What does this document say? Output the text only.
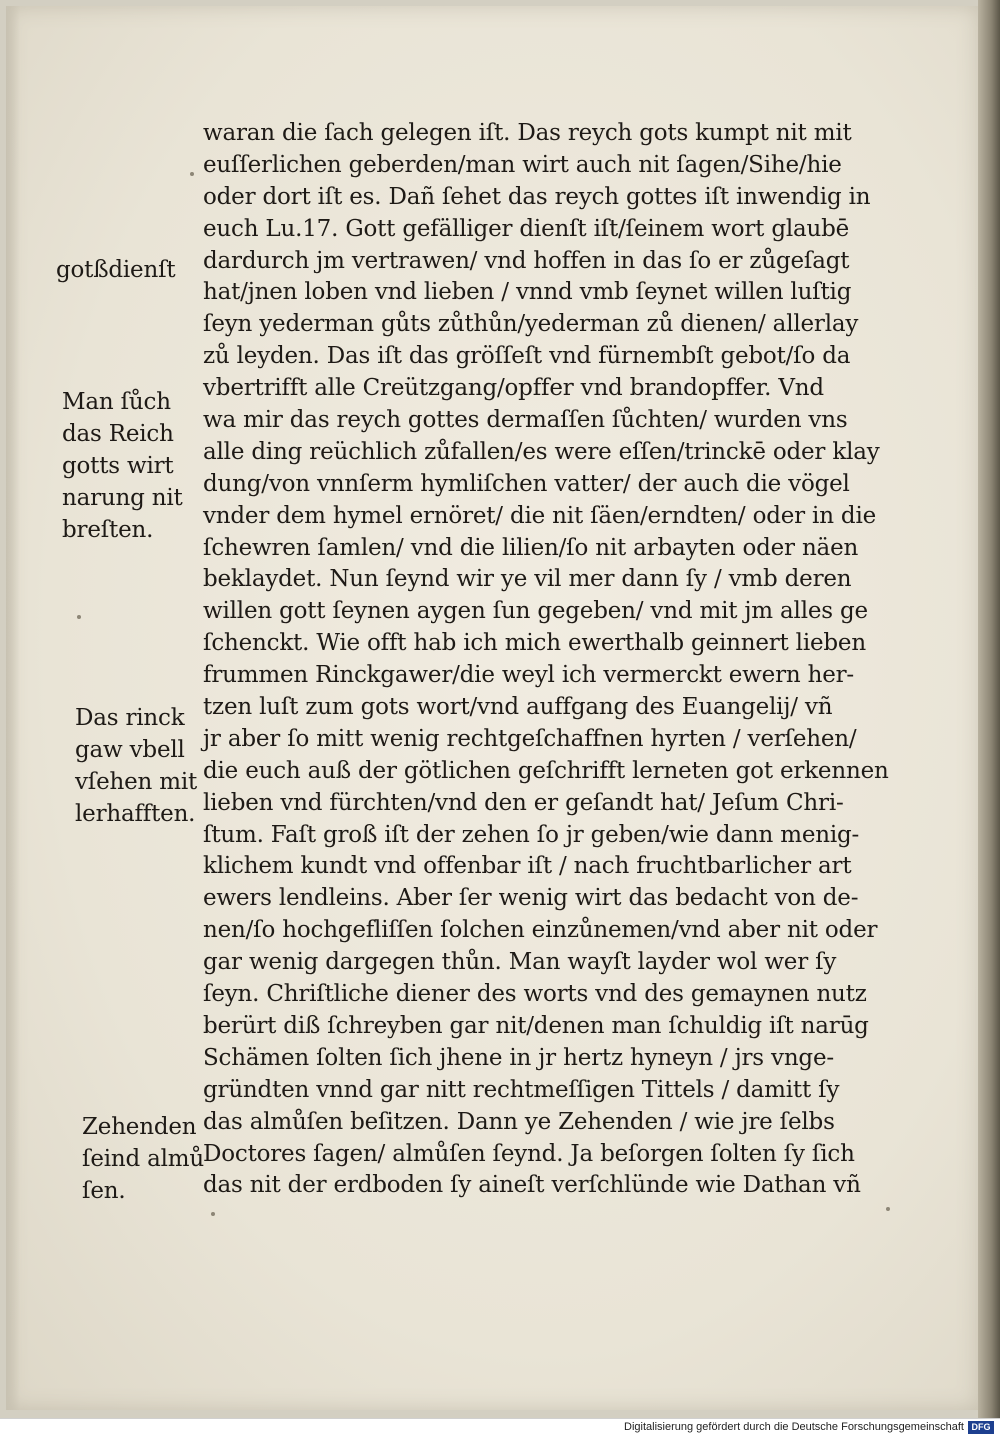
waran die ſach gelegen iſt. Das reych gots kumpt nit mit
euſſerlichen geberden/man wirt auch nit ſagen/Sihe/hie
oder dort iſt es. Dañ ſehet das reych gottes iſt inwendig in
euch Lu.17. Gott gefälliger dienſt iſt/ſeinem wort glaubē
dardurch jm vertrawen/ vnd hoffen in das ſo er zůgeſagt
hat/jnen loben vnd lieben / vnnd vmb ſeynet willen luſtig
ſeyn yederman gůts zůthůn/yederman zů dienen/ allerlay
zů leyden. Das iſt das gröſſeſt vnd fürnembſt gebot/ſo da
vbertrifft alle Creützgang/opffer vnd brandopffer. Vnd
wa mir das reych gottes dermaſſen ſůchten/ wurden vns
alle ding reüchlich zůfallen/es were eſſen/trinckē oder klay
dung/von vnnſerm hymliſchen vatter/ der auch die vögel
vnder dem hymel ernöret/ die nit ſäen/erndten/ oder in die
ſchewren ſamlen/ vnd die lilien/ſo nit arbayten oder näen
beklaydet. Nun ſeynd wir ye vil mer dann ſy / vmb deren
willen gott ſeynen aygen ſun gegeben/ vnd mit jm alles ge
ſchenckt. Wie offt hab ich mich ewerthalb geinnert lieben
frummen Rinckgawer/die weyl ich vermerckt ewern her-
tzen luſt zum gots wort/vnd auffgang des Euangelij/ vñ
jr aber ſo mitt wenig rechtgeſchaffnen hyrten / verſehen/
die euch auß der götlichen geſchrifft lerneten got erkennen
lieben vnd fürchten/vnd den er geſandt hat/ Jeſum Chri-
ſtum. Faſt groß iſt der zehen ſo jr geben/wie dann menig-
klichem kundt vnd offenbar iſt / nach fruchtbarlicher art
ewers lendleins. Aber ſer wenig wirt das bedacht von de-
nen/ſo hochgefliſſen ſolchen einzůnemen/vnd aber nit oder
gar wenig dargegen thůn. Man wayſt layder wol wer ſy
ſeyn. Chriſtliche diener des worts vnd des gemaynen nutz
berürt diß ſchreyben gar nit/denen man ſchuldig iſt narūg
Schämen ſolten ſich jhene in jr hertz hyneyn / jrs vnge-
gründten vnnd gar nitt rechtmeſſigen Tittels / damitt ſy
das almůſen beſitzen. Dann ye Zehenden / wie jre ſelbs
Doctores ſagen/ almůſen ſeynd. Ja beſorgen ſolten ſy ſich
das nit der erdboden ſy aineſt verſchlünde wie Dathan vñ
gotßdienſt
Man ſůch
das Reich
gotts wirt
narung nit
breſten.
Das rinck
gaw vbell
vſehen mit
lerhafften.
Zehenden
ſeind almů
ſen.
Digitalisierung gefördert durch die Deutsche Forschungsgemeinschaft DFG
